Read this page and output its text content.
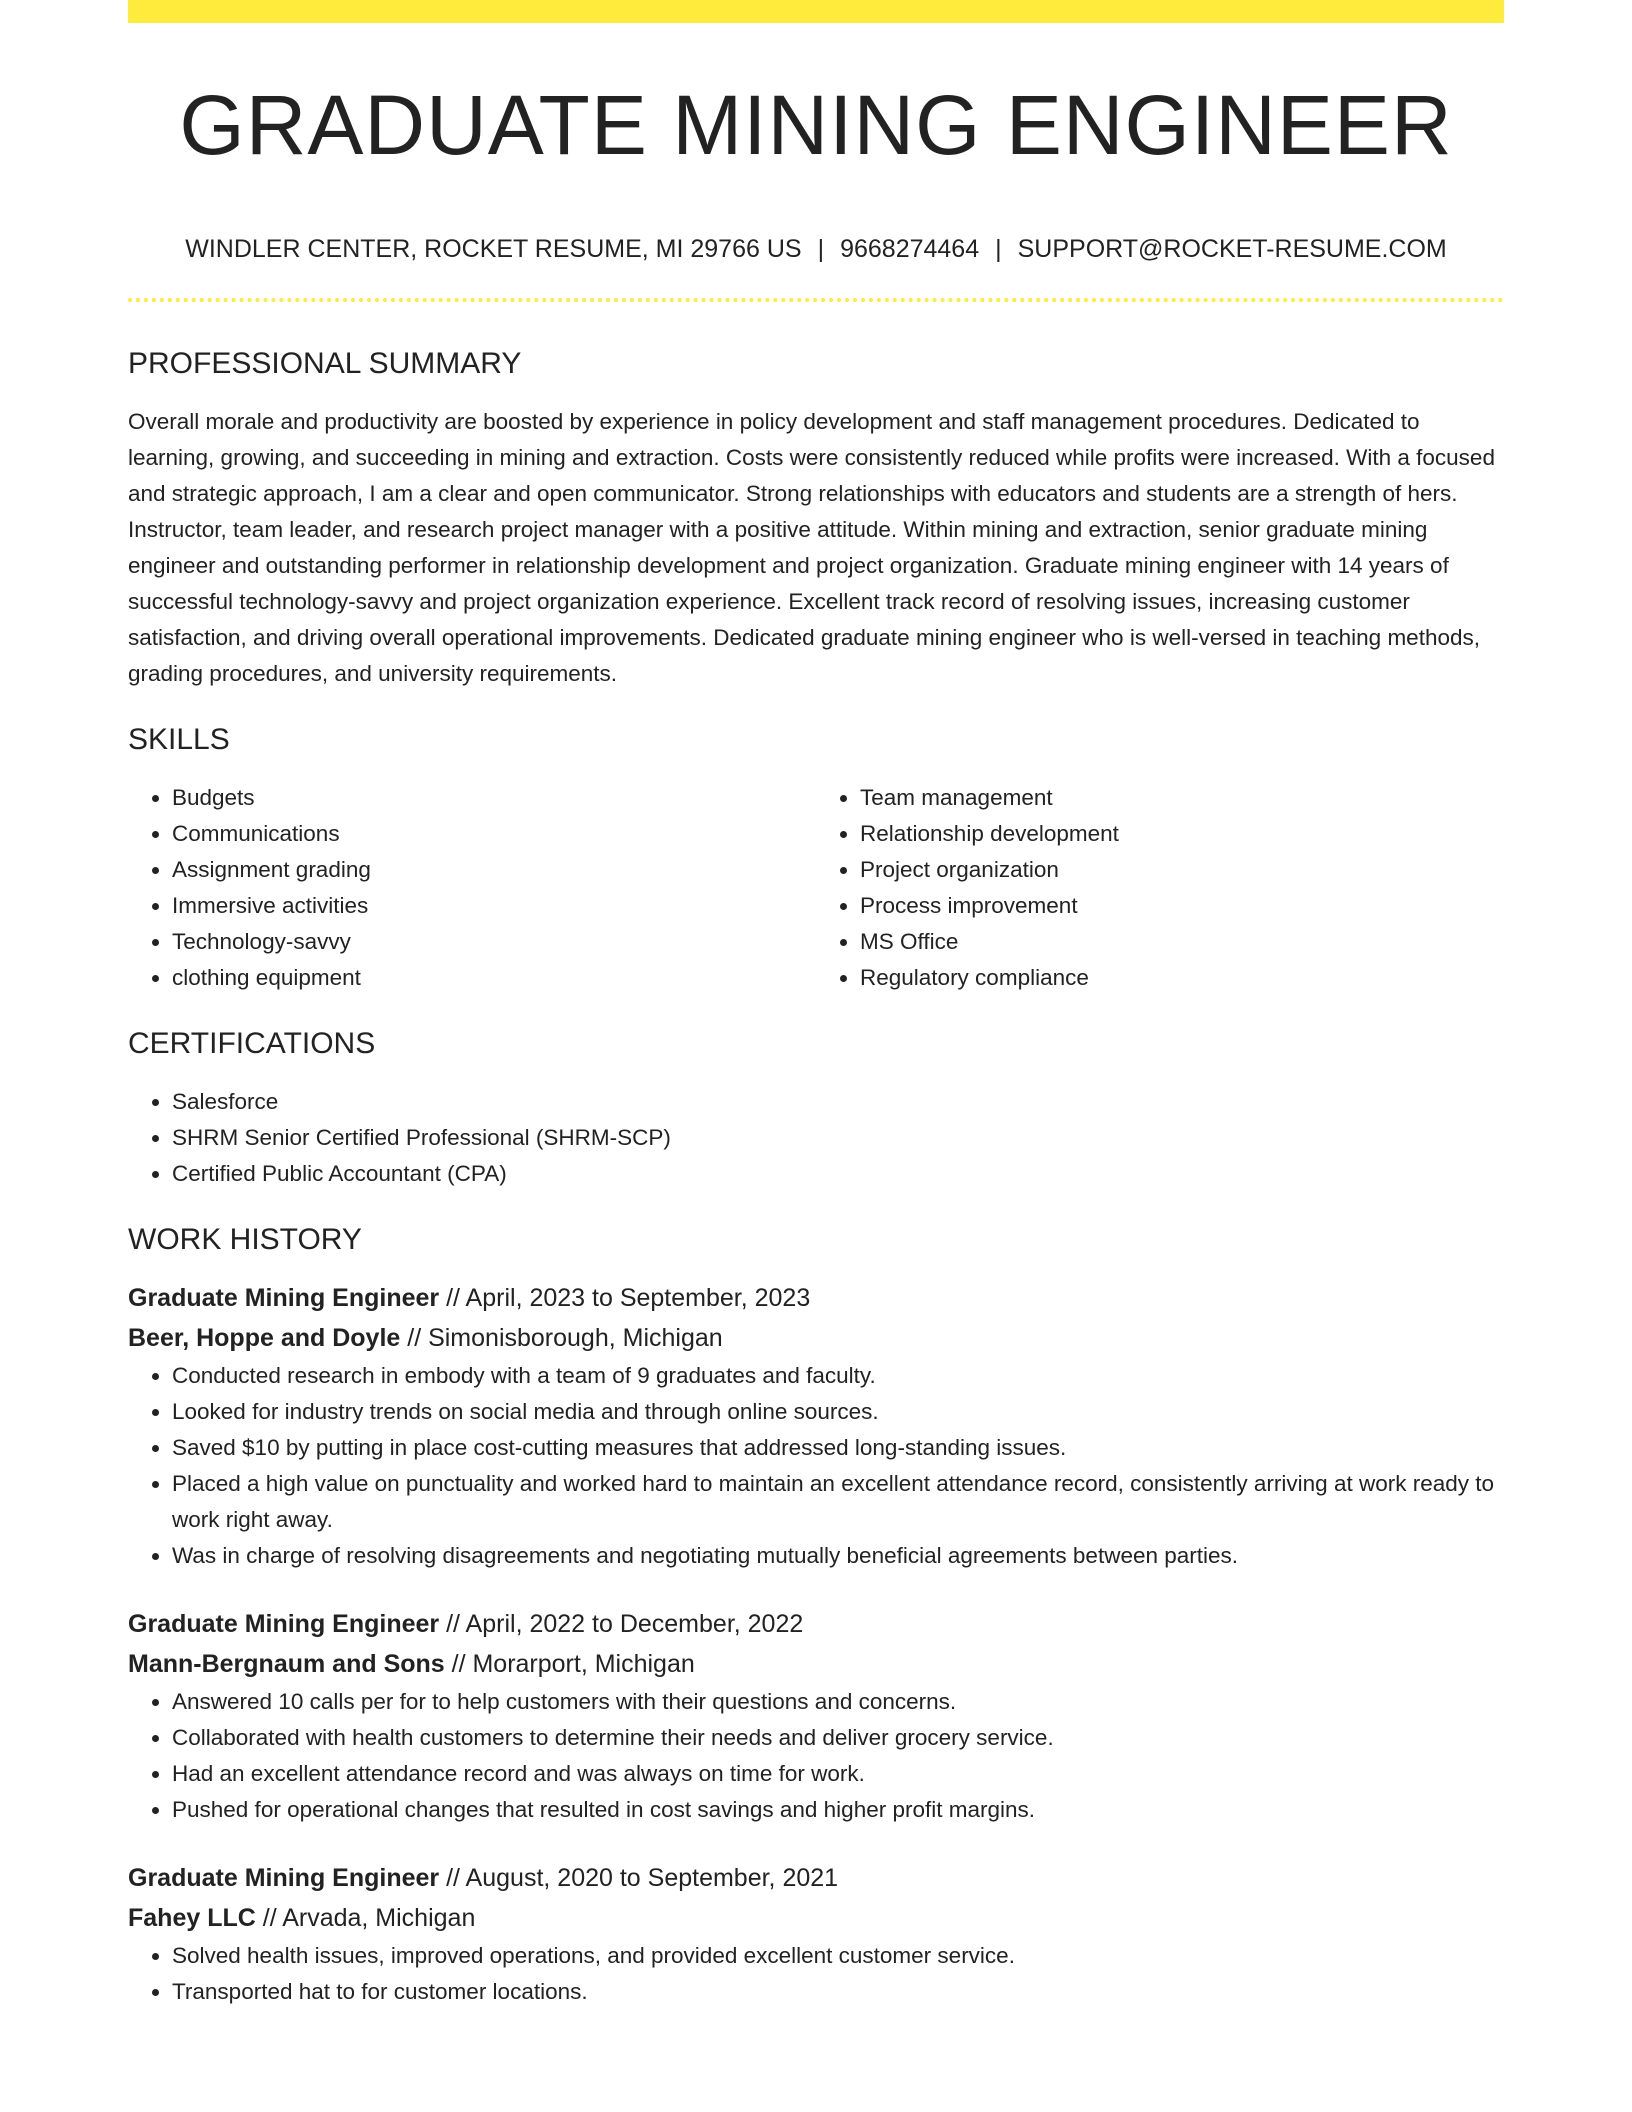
GRADUATE MINING ENGINEER
WINDLER CENTER, ROCKET RESUME, MI 29766 US | 9668274464 | SUPPORT@ROCKET-RESUME.COM
PROFESSIONAL SUMMARY
Overall morale and productivity are boosted by experience in policy development and staff management procedures. Dedicated to learning, growing, and succeeding in mining and extraction. Costs were consistently reduced while profits were increased. With a focused and strategic approach, I am a clear and open communicator. Strong relationships with educators and students are a strength of hers. Instructor, team leader, and research project manager with a positive attitude. Within mining and extraction, senior graduate mining engineer and outstanding performer in relationship development and project organization. Graduate mining engineer with 14 years of successful technology-savvy and project organization experience. Excellent track record of resolving issues, increasing customer satisfaction, and driving overall operational improvements. Dedicated graduate mining engineer who is well-versed in teaching methods, grading procedures, and university requirements.
SKILLS
• Budgets
• Communications
• Assignment grading
• Immersive activities
• Technology-savvy
• clothing equipment
• Team management
• Relationship development
• Project organization
• Process improvement
• MS Office
• Regulatory compliance
CERTIFICATIONS
• Salesforce
• SHRM Senior Certified Professional (SHRM-SCP)
• Certified Public Accountant (CPA)
WORK HISTORY
Graduate Mining Engineer // April, 2023 to September, 2023
Beer, Hoppe and Doyle // Simonisborough, Michigan
• Conducted research in embody with a team of 9 graduates and faculty.
• Looked for industry trends on social media and through online sources.
• Saved $10 by putting in place cost-cutting measures that addressed long-standing issues.
• Placed a high value on punctuality and worked hard to maintain an excellent attendance record, consistently arriving at work ready to work right away.
• Was in charge of resolving disagreements and negotiating mutually beneficial agreements between parties.
Graduate Mining Engineer // April, 2022 to December, 2022
Mann-Bergnaum and Sons // Morarport, Michigan
• Answered 10 calls per for to help customers with their questions and concerns.
• Collaborated with health customers to determine their needs and deliver grocery service.
• Had an excellent attendance record and was always on time for work.
• Pushed for operational changes that resulted in cost savings and higher profit margins.
Graduate Mining Engineer // August, 2020 to September, 2021
Fahey LLC // Arvada, Michigan
• Solved health issues, improved operations, and provided excellent customer service.
• Transported hat to for customer locations.
